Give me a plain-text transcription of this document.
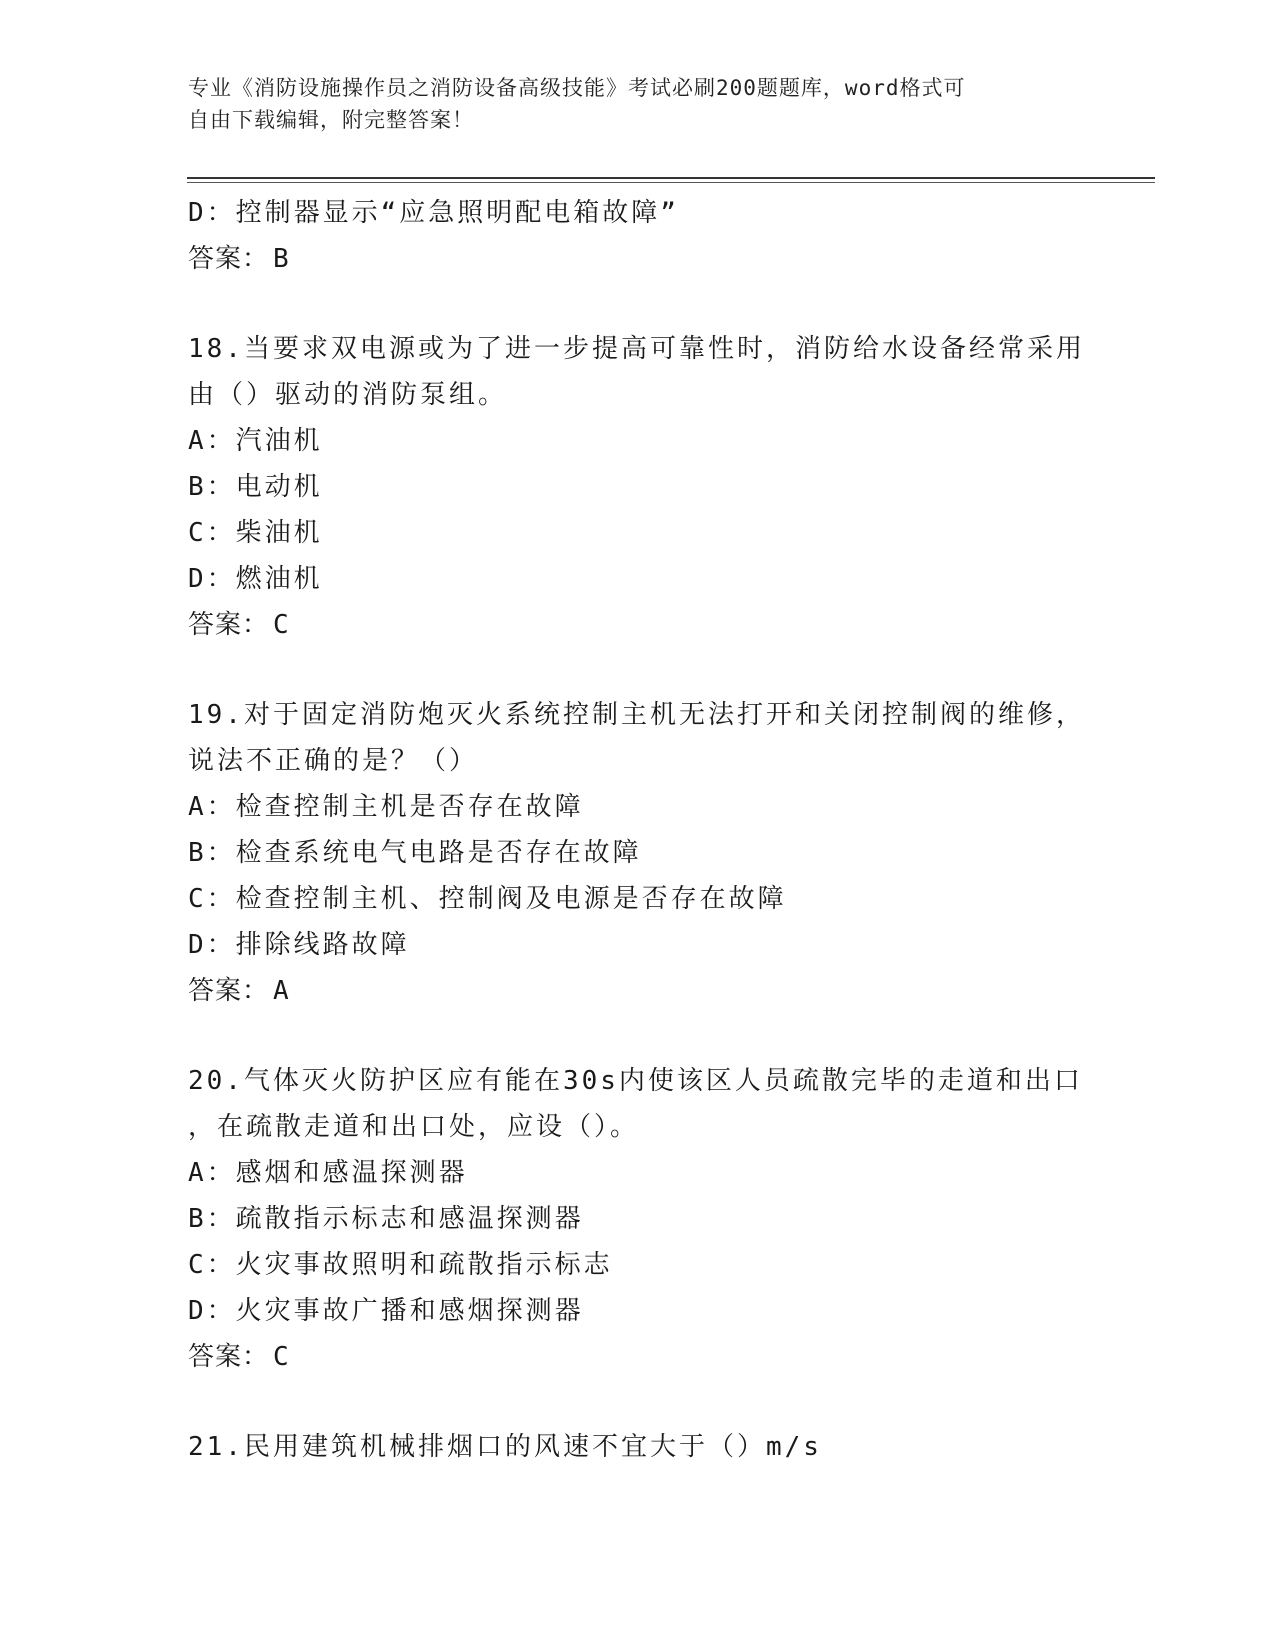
专业《消防设施操作员之消防设备高级技能》考试必刷200题题库，word格式可
自由下载编辑，附完整答案！
D：控制器显示“应急照明配电箱故障”
答案： B
18.当要求双电源或为了进一步提高可靠性时，消防给水设备经常采用
由（）驱动的消防泵组。
A：汽油机
B：电动机
C：柴油机
D：燃油机
答案： C
19.对于固定消防炮灭火系统控制主机无法打开和关闭控制阀的维修，
说法不正确的是？（）
A：检查控制主机是否存在故障
B：检查系统电气电路是否存在故障
C：检查控制主机、控制阀及电源是否存在故障
D：排除线路故障
答案： A
20.气体灭火防护区应有能在30s内使该区人员疏散完毕的走道和出口
，在疏散走道和出口处，应设（）。
A：感烟和感温探测器
B：疏散指示标志和感温探测器
C：火灾事故照明和疏散指示标志
D：火灾事故广播和感烟探测器
答案： C
21.民用建筑机械排烟口的风速不宜大于（）m/s
